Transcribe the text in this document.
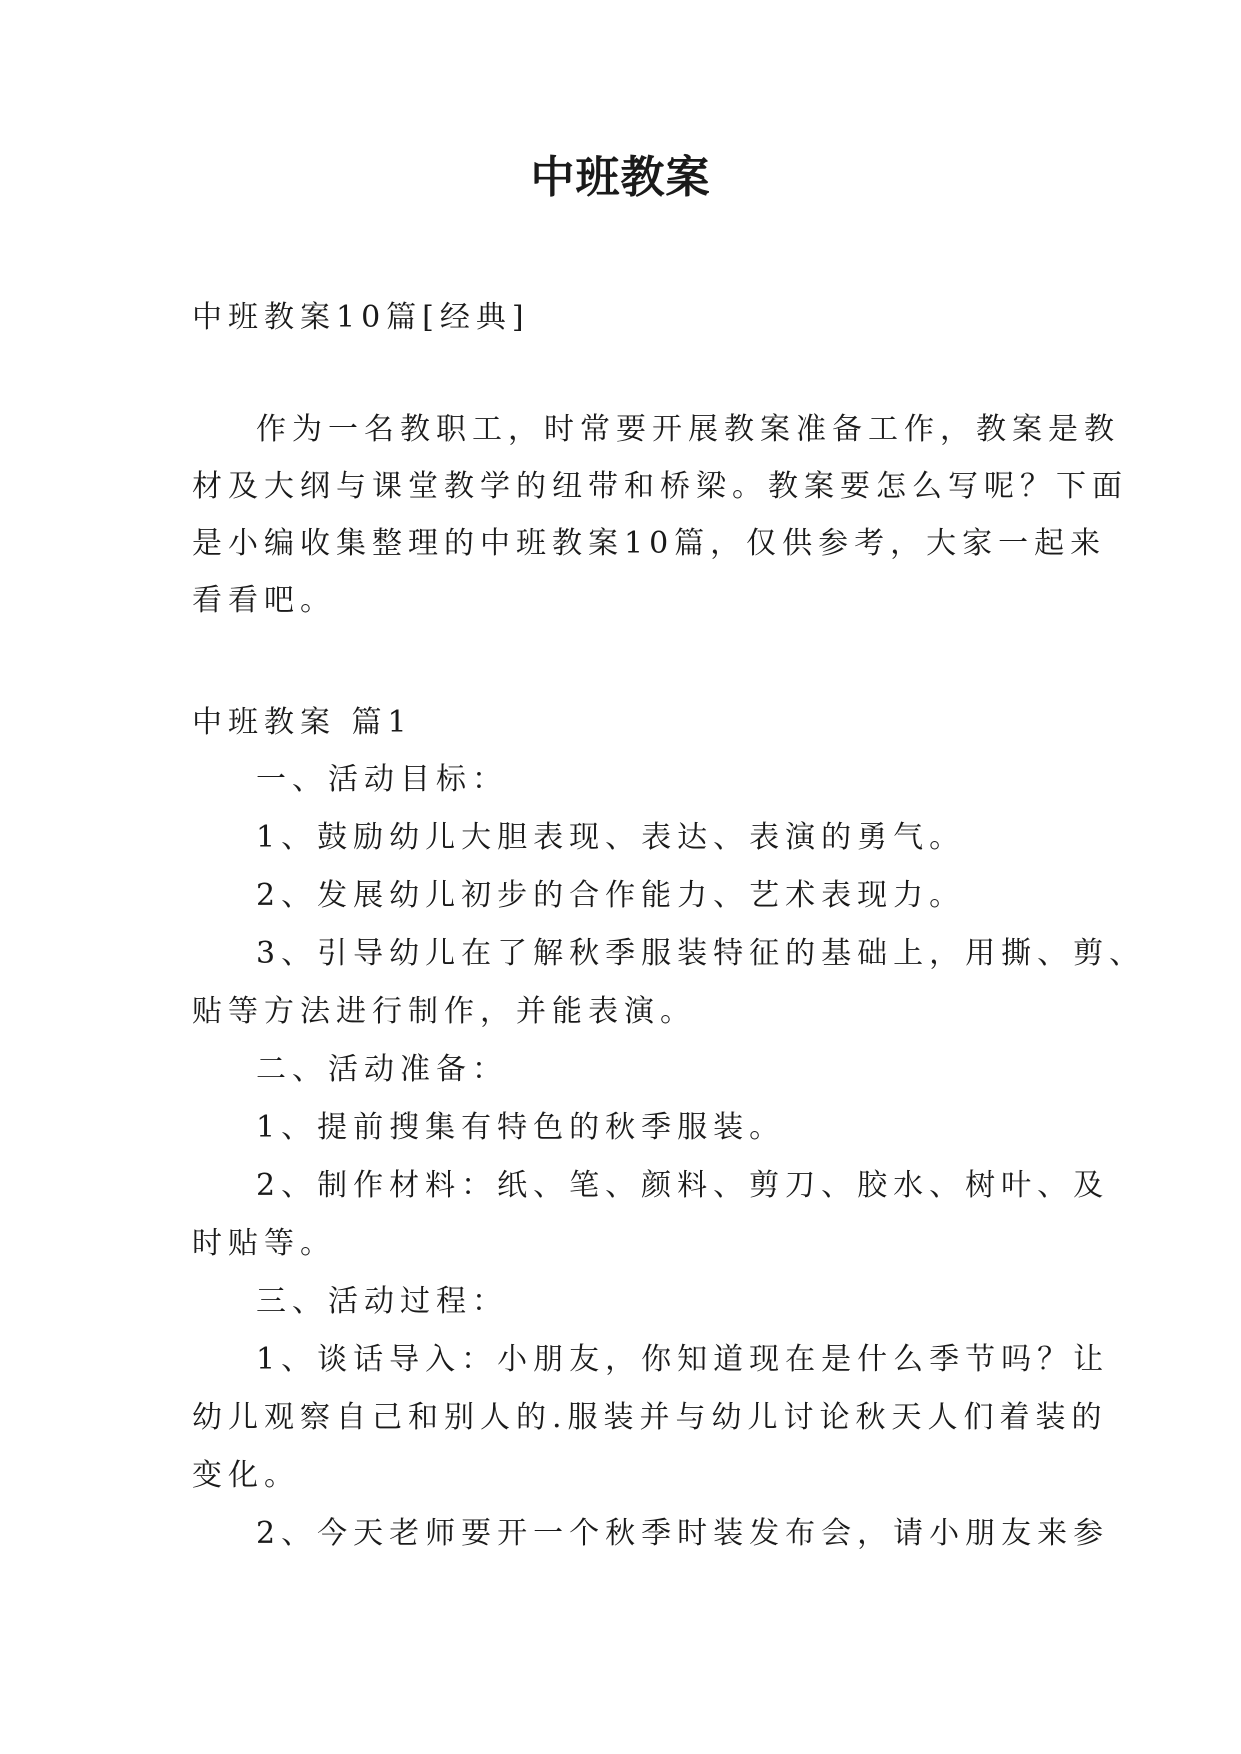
中班教案
中班教案10篇[经典]
作为一名教职工，时常要开展教案准备工作，教案是教
材及大纲与课堂教学的纽带和桥梁。教案要怎么写呢？下面
是小编收集整理的中班教案10篇，仅供参考，大家一起来
看看吧。
中班教案 篇1
一、活动目标：
1、鼓励幼儿大胆表现、表达、表演的勇气。
2、发展幼儿初步的合作能力、艺术表现力。
3、引导幼儿在了解秋季服装特征的基础上，用撕、剪、
贴等方法进行制作，并能表演。
二、活动准备：
1、提前搜集有特色的秋季服装。
2、制作材料：纸、笔、颜料、剪刀、胶水、树叶、及
时贴等。
三、活动过程：
1、谈话导入：小朋友，你知道现在是什么季节吗？让
幼儿观察自己和别人的.服装并与幼儿讨论秋天人们着装的
变化。
2、今天老师要开一个秋季时装发布会，请小朋友来参
